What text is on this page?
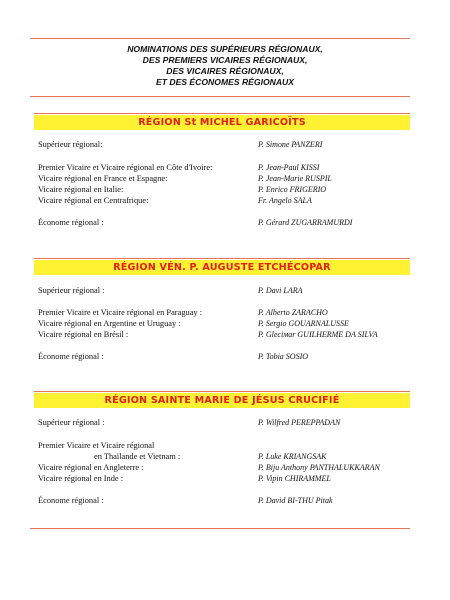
NOMINATIONS DES SUPÉRIEURS RÉGIONAUX,
DES PREMIERS VICAIRES RÉGIONAUX,
DES VICAIRES RÉGIONAUX,
ET DES ÉCONOMES RÉGIONAUX
RÉGION St MICHEL GARICOÏTS
Supérieur régional:	P. Simone PANZERI
Premier Vicaire et Vicaire régional en Côte d'Ivoire:	P. Jean-Paul KISSI
Vicaire régional en France et Espagne:	P. Jean-Marie RUSPIL
Vicaire régional en Italie:	P. Enrico FRIGERIO
Vicaire régional en Centrafrique:	Fr. Angelo SALA
Économe régional :	P. Gérard ZUGARRAMURDI
RÉGION VÉN. P. AUGUSTE ETCHÉCOPAR
Supérieur régional :	P. Davi LARA
Premier Vicaire et Vicaire régional en Paraguay :	P. Alberto ZARACHO
Vicaire régional en Argentine et Uruguay :	P. Sergio GOUARNALUSSE
Vicaire régional en Brésil :	P. Gleciмar GUILHERME DA SILVA
Économe régional :	P. Tobia SOSIO
RÉGION SAINTE MARIE DE JÉSUS CRUCIFIÉ
Supérieur régional :	P. Wilfred PEREPPADAN
Premier Vicaire et Vicaire régional
en Thaïlande et Vietnam :	P. Luke KRIANGSAK
Vicaire régional en Angleterre :	P. Biju Anthony PANTHALUKKARAN
Vicaire régional en Inde :	P. Vipin CHIRAMMEL
Économe régional :	P. David BI-THU Pitak
